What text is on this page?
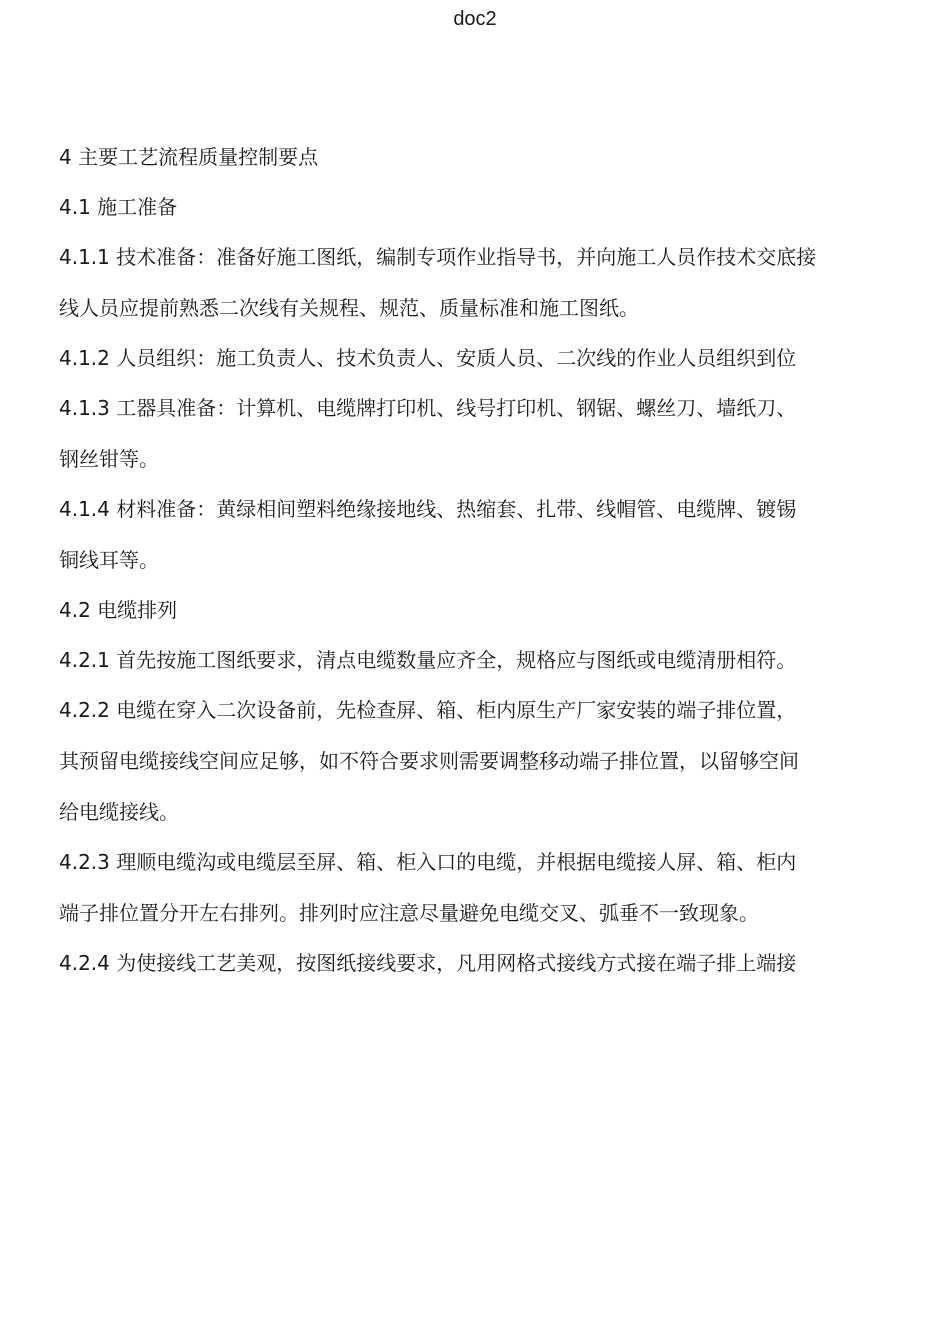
doc2

4 主要工艺流程质量控制要点

4.1 施工准备

4.1.1 技术准备：准备好施工图纸，编制专项作业指导书，并向施工人员作技术交底接

线人员应提前熟悉二次线有关规程、规范、质量标准和施工图纸。

4.1.2 人员组织：施工负责人、技术负责人、安质人员、二次线的作业人员组织到位

4.1.3 工器具准备：计算机、电缆牌打印机、线号打印机、钢锯、螺丝刀、墙纸刀、

钢丝钳等。

4.1.4 材料准备：黄绿相间塑料绝缘接地线、热缩套、扎带、线帽管、电缆牌、镀锡

铜线耳等。

4.2 电缆排列

4.2.1 首先按施工图纸要求，清点电缆数量应齐全，规格应与图纸或电缆清册相符。

4.2.2 电缆在穿入二次设备前，先检查屏、箱、柜内原生产厂家安装的端子排位置，

其预留电缆接线空间应足够，如不符合要求则需要调整移动端子排位置，以留够空间

给电缆接线。

4.2.3 理顺电缆沟或电缆层至屏、箱、柜入口的电缆，并根据电缆接人屏、箱、柜内

端子排位置分开左右排列。排列时应注意尽量避免电缆交叉、弧垂不一致现象。

4.2.4 为使接线工艺美观，按图纸接线要求，凡用网格式接线方式接在端子排上端接
